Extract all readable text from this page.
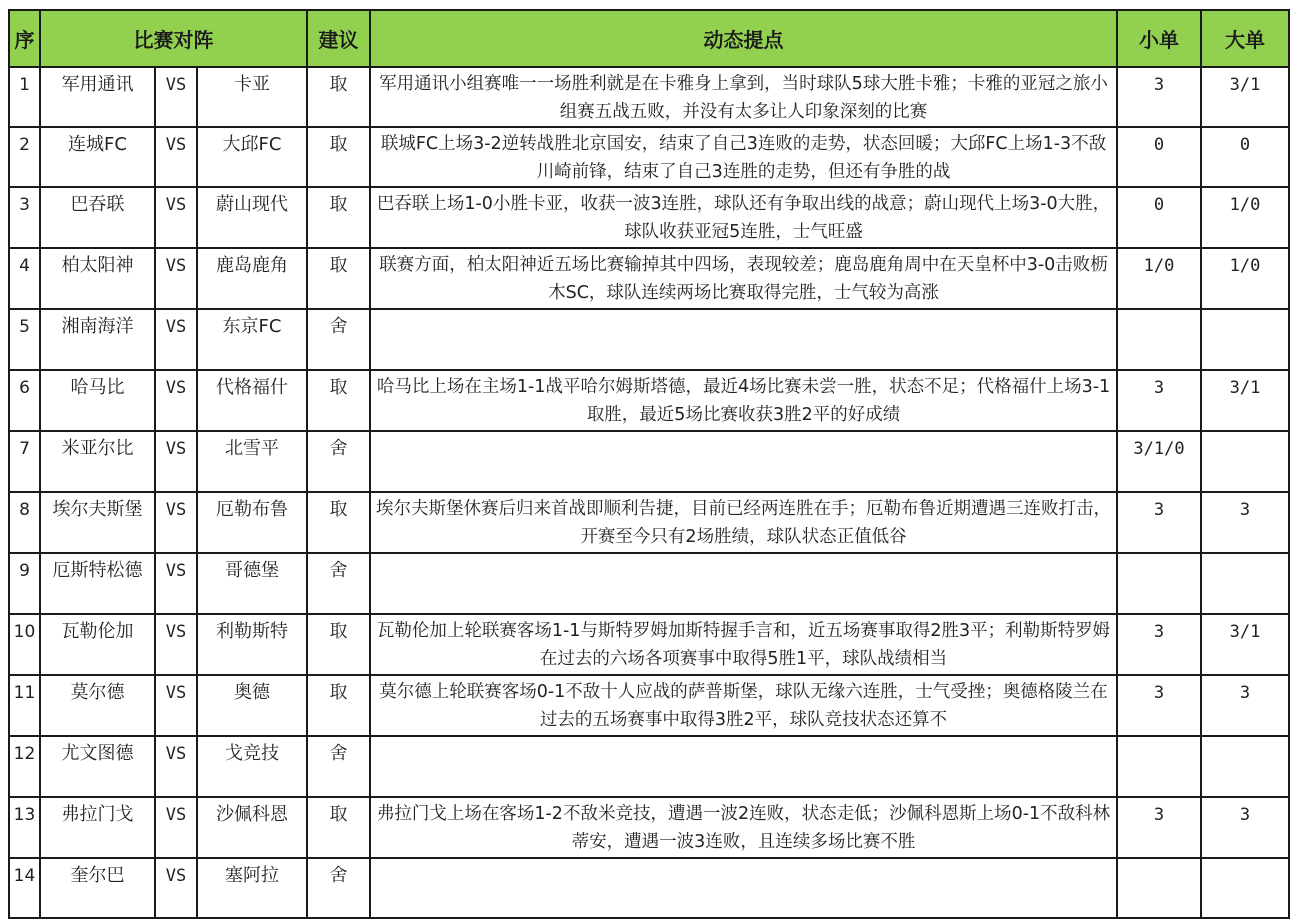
序	比赛对阵			建议	动态提点	小单	大单
1	军用通讯	VS	卡亚	取	军用通讯小组赛唯一一场胜利就是在卡雅身上拿到，当时球队5球大胜卡雅；卡雅的亚冠之旅小组赛五战五败，并没有太多让人印象深刻的比赛	3	3/1
2	连城FC	VS	大邱FC	取	联城FC上场3-2逆转战胜北京国安，结束了自己3连败的走势，状态回暖；大邱FC上场1-3不敌川崎前锋，结束了自己3连胜的走势，但还有争胜的战	0	0
3	巴吞联	VS	蔚山现代	取	巴吞联上场1-0小胜卡亚，收获一波3连胜，球队还有争取出线的战意；蔚山现代上场3-0大胜，球队收获亚冠5连胜，士气旺盛	0	1/0
4	柏太阳神	VS	鹿岛鹿角	取	联赛方面，柏太阳神近五场比赛输掉其中四场，表现较差；鹿岛鹿角周中在天皇杯中3-0击败枥木SC，球队连续两场比赛取得完胜，士气较为高涨	1/0	1/0
5	湘南海洋	VS	东京FC	舍			
6	哈马比	VS	代格福什	取	哈马比上场在主场1-1战平哈尔姆斯塔德，最近4场比赛未尝一胜，状态不足；代格福什上场3-1取胜，最近5场比赛收获3胜2平的好成绩	3	3/1
7	米亚尔比	VS	北雪平	舍		3/1/0	
8	埃尔夫斯堡	VS	厄勒布鲁	取	埃尔夫斯堡休赛后归来首战即顺利告捷，目前已经两连胜在手；厄勒布鲁近期遭遇三连败打击，开赛至今只有2场胜绩，球队状态正值低谷	3	3
9	厄斯特松德	VS	哥德堡	舍			
10	瓦勒伦加	VS	利勒斯特	取	瓦勒伦加上轮联赛客场1-1与斯特罗姆加斯特握手言和，近五场赛事取得2胜3平；利勒斯特罗姆在过去的六场各项赛事中取得5胜1平，球队战绩相当	3	3/1
11	莫尔德	VS	奥德	取	莫尔德上轮联赛客场0-1不敌十人应战的萨普斯堡，球队无缘六连胜，士气受挫；奥德格陵兰在过去的五场赛事中取得3胜2平，球队竞技状态还算不	3	3
12	尤文图德	VS	戈竞技	舍			
13	弗拉门戈	VS	沙佩科恩	取	弗拉门戈上场在客场1-2不敌米竞技，遭遇一波2连败，状态走低；沙佩科恩斯上场0-1不敌科林蒂安，遭遇一波3连败，且连续多场比赛不胜	3	3
14	奎尔巴	VS	塞阿拉	舍			
